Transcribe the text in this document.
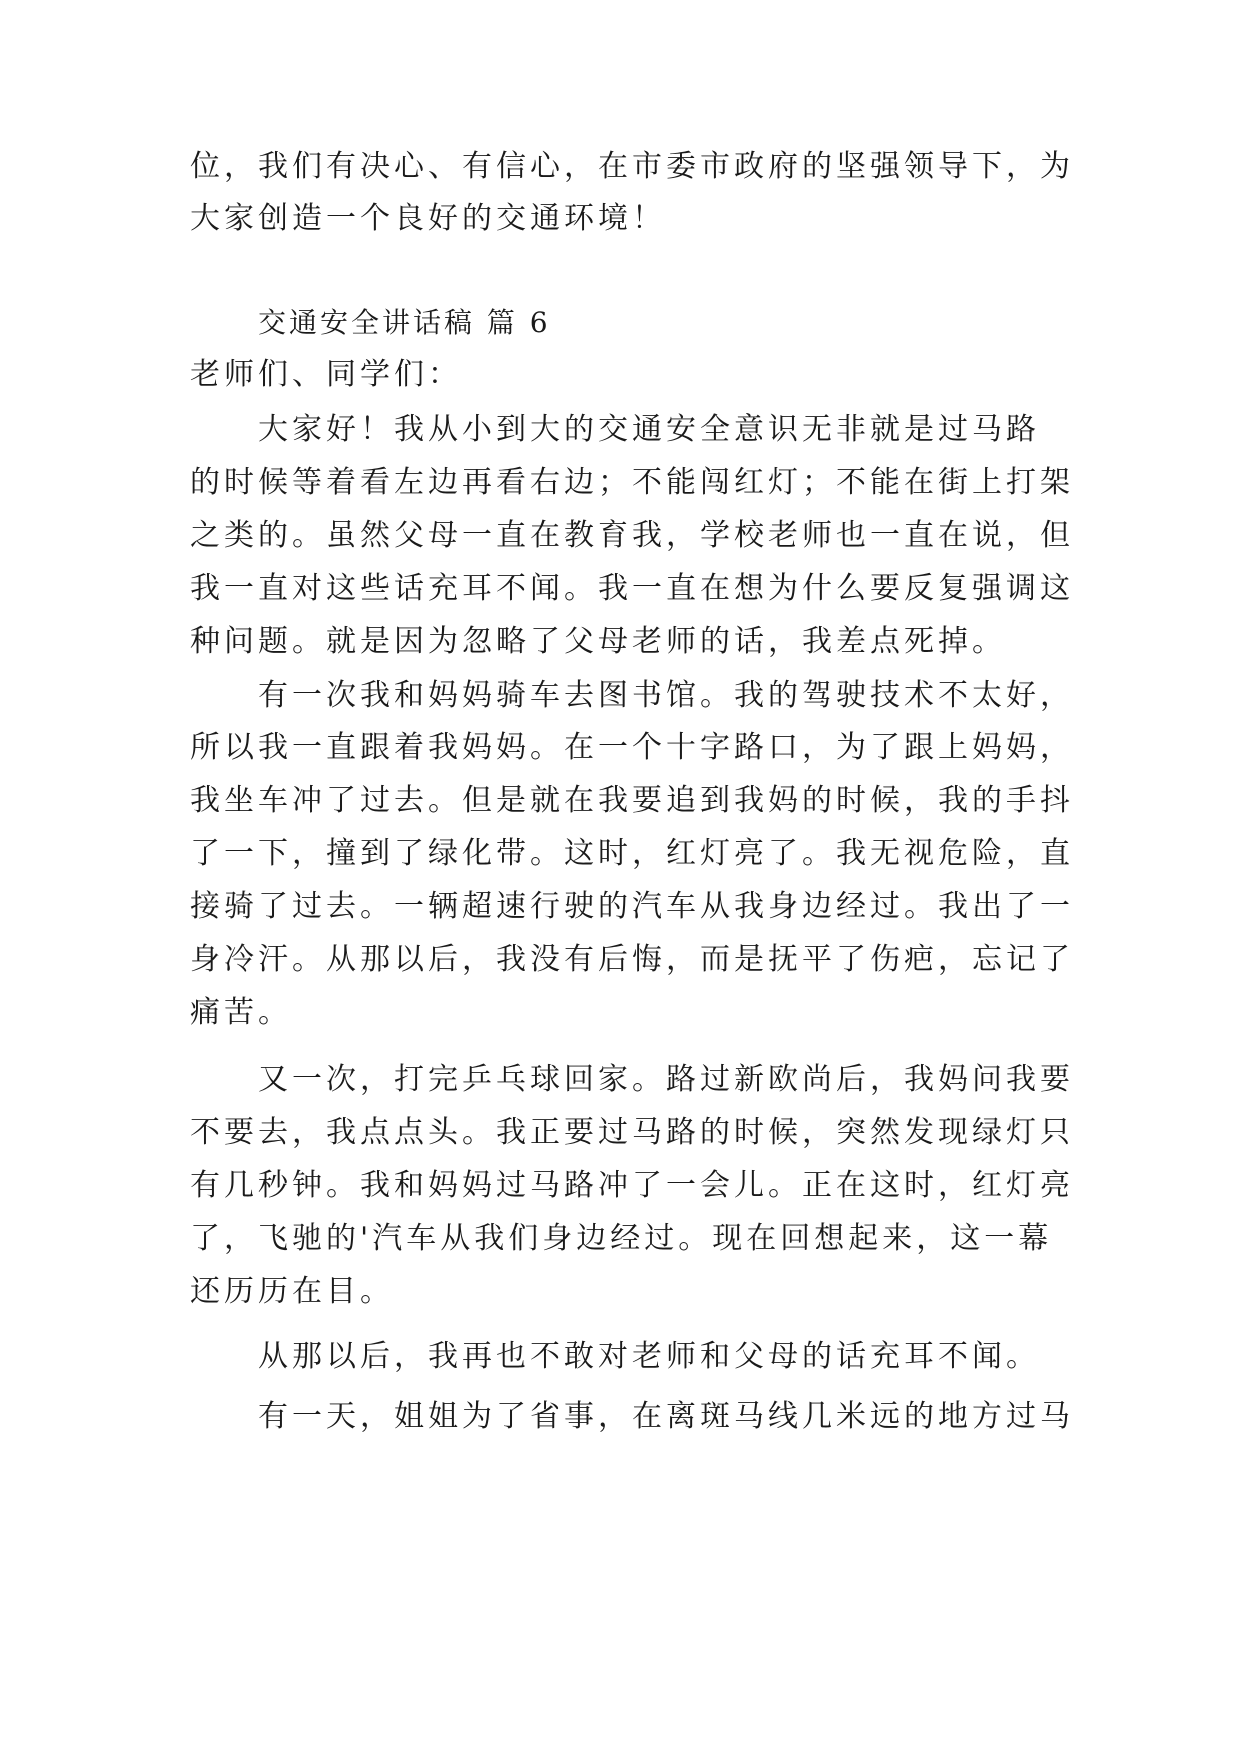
位，我们有决心、有信心，在市委市政府的坚强领导下，为
大家创造一个良好的交通环境！
交通安全讲话稿 篇 6
老师们、同学们：
大家好！我从小到大的交通安全意识无非就是过马路
的时候等着看左边再看右边；不能闯红灯；不能在街上打架
之类的。虽然父母一直在教育我，学校老师也一直在说，但
我一直对这些话充耳不闻。我一直在想为什么要反复强调这
种问题。就是因为忽略了父母老师的话，我差点死掉。
有一次我和妈妈骑车去图书馆。我的驾驶技术不太好，
所以我一直跟着我妈妈。在一个十字路口，为了跟上妈妈，
我坐车冲了过去。但是就在我要追到我妈的时候，我的手抖
了一下，撞到了绿化带。这时，红灯亮了。我无视危险，直
接骑了过去。一辆超速行驶的汽车从我身边经过。我出了一
身冷汗。从那以后，我没有后悔，而是抚平了伤疤，忘记了
痛苦。
又一次，打完乒乓球回家。路过新欧尚后，我妈问我要
不要去，我点点头。我正要过马路的时候，突然发现绿灯只
有几秒钟。我和妈妈过马路冲了一会儿。正在这时，红灯亮
了，飞驰的'汽车从我们身边经过。现在回想起来，这一幕
还历历在目。
从那以后，我再也不敢对老师和父母的话充耳不闻。
有一天，姐姐为了省事，在离斑马线几米远的地方过马
